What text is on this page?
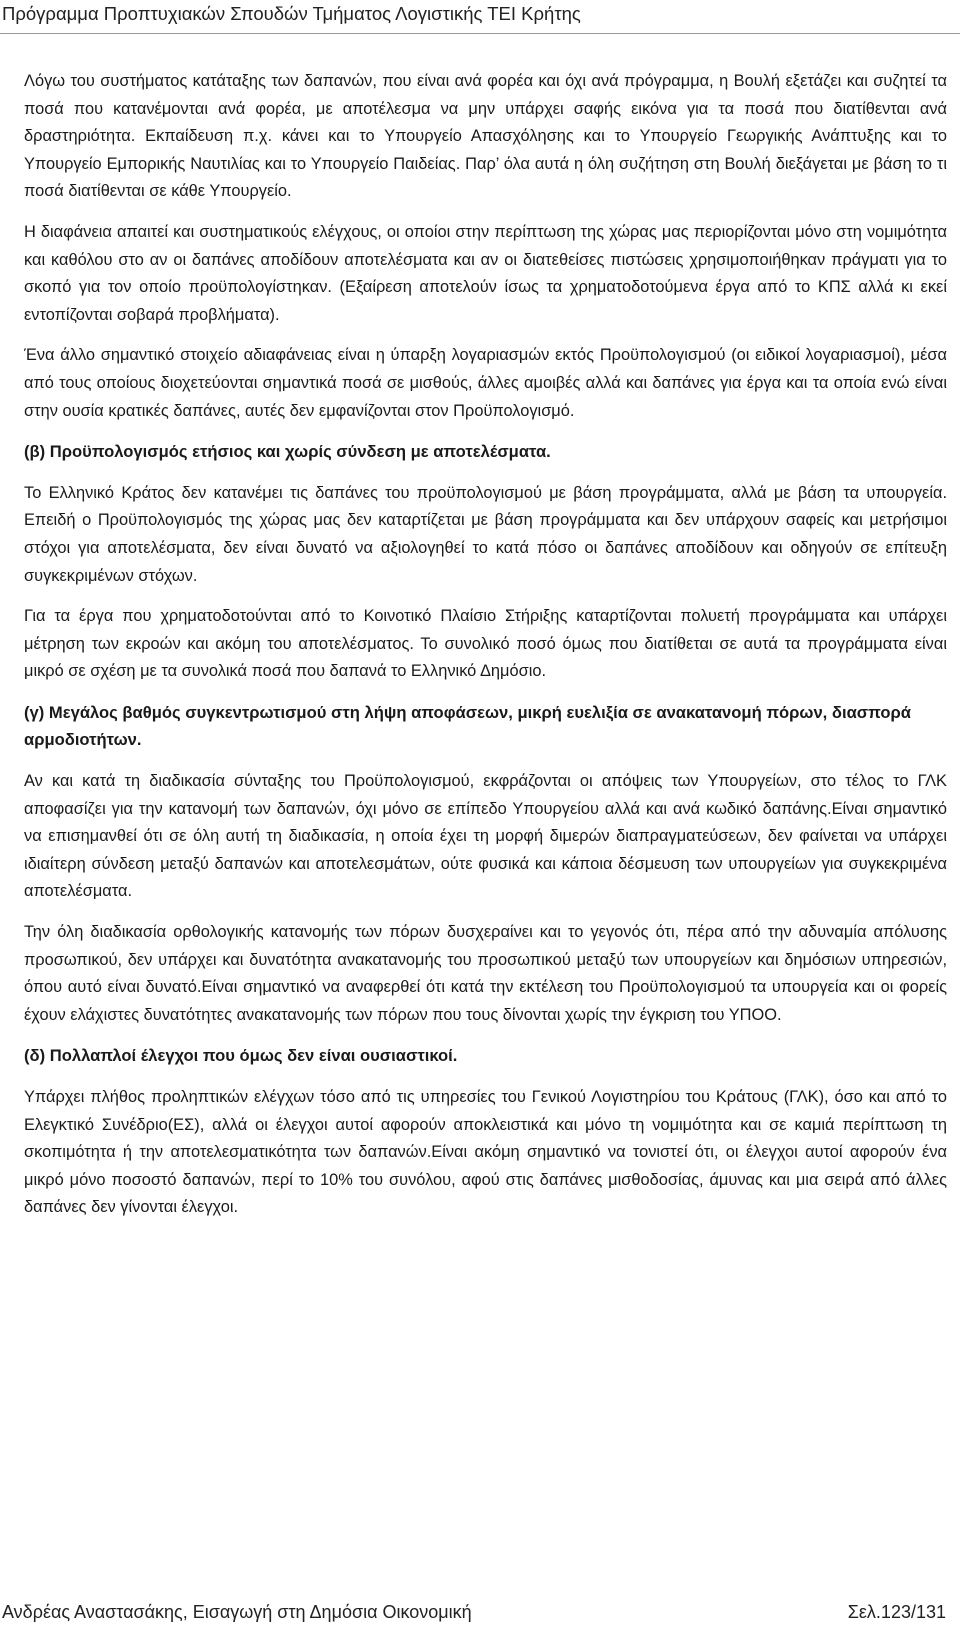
Πρόγραμμα Προπτυχιακών Σπουδών Τμήματος Λογιστικής ΤΕΙ Κρήτης

Λόγω του συστήματος κατάταξης των δαπανών, που είναι ανά φορέα και όχι ανά πρόγραμμα, η Βουλή εξετάζει και συζητεί τα ποσά που κατανέμονται ανά φορέα, με αποτέλεσμα να μην υπάρχει σαφής εικόνα για τα ποσά που διατίθενται ανά δραστηριότητα. Εκπαίδευση π.χ. κάνει και το Υπουργείο Απασχόλησης και το Υπουργείο Γεωργικής Ανάπτυξης και το Υπουργείο Εμπορικής Ναυτιλίας και το Υπουργείο Παιδείας. Παρ’ όλα αυτά η όλη συζήτηση στη Βουλή διεξάγεται με βάση το τι ποσά διατίθενται σε κάθε Υπουργείο.

Η διαφάνεια απαιτεί και συστηματικούς ελέγχους, οι οποίοι στην περίπτωση της χώρας μας περιορίζονται μόνο στη νομιμότητα και καθόλου στο αν οι δαπάνες αποδίδουν αποτελέσματα και αν οι διατεθείσες πιστώσεις χρησιμοποιήθηκαν πράγματι για το σκοπό για τον οποίο προϋπολογίστηκαν. (Εξαίρεση αποτελούν ίσως τα χρηματοδοτούμενα έργα από το ΚΠΣ αλλά κι εκεί εντοπίζονται σοβαρά προβλήματα).

Ένα άλλο σημαντικό στοιχείο αδιαφάνειας είναι η ύπαρξη λογαριασμών εκτός Προϋπολογισμού (οι ειδικοί λογαριασμοί), μέσα από τους οποίους διοχετεύονται σημαντικά ποσά σε μισθούς, άλλες αμοιβές αλλά και δαπάνες για έργα και τα οποία ενώ είναι στην ουσία κρατικές δαπάνες, αυτές δεν εμφανίζονται στον Προϋπολογισμό.

(β) Προϋπολογισμός ετήσιος και χωρίς σύνδεση με αποτελέσματα.

Το Ελληνικό Κράτος δεν κατανέμει τις δαπάνες του προϋπολογισμού με βάση προγράμματα, αλλά με βάση τα υπουργεία. Επειδή ο Προϋπολογισμός της χώρας μας δεν καταρτίζεται με βάση προγράμματα και δεν υπάρχουν σαφείς και μετρήσιμοι στόχοι για αποτελέσματα, δεν είναι δυνατό να αξιολογηθεί το κατά πόσο οι δαπάνες αποδίδουν και οδηγούν σε επίτευξη συγκεκριμένων στόχων.

Για τα έργα που χρηματοδοτούνται από το Κοινοτικό Πλαίσιο Στήριξης καταρτίζονται πολυετή προγράμματα και υπάρχει μέτρηση των εκροών και ακόμη του αποτελέσματος. Το συνολικό ποσό όμως που διατίθεται σε αυτά τα προγράμματα είναι μικρό σε σχέση με τα συνολικά ποσά που δαπανά το Ελληνικό Δημόσιο.

(γ) Μεγάλος βαθμός συγκεντρωτισμού στη λήψη αποφάσεων, μικρή ευελιξία σε ανακατανομή πόρων, διασπορά αρμοδιοτήτων.

Αν και κατά τη διαδικασία σύνταξης του Προϋπολογισμού, εκφράζονται οι απόψεις των Υπουργείων, στο τέλος το ΓΛΚ αποφασίζει για την κατανομή των δαπανών, όχι μόνο σε επίπεδο Υπουργείου αλλά και ανά κωδικό δαπάνης.Είναι σημαντικό να επισημανθεί ότι σε όλη αυτή τη διαδικασία, η οποία έχει τη μορφή διμερών διαπραγματεύσεων, δεν φαίνεται να υπάρχει ιδιαίτερη σύνδεση μεταξύ δαπανών και αποτελεσμάτων, ούτε φυσικά και κάποια δέσμευση των υπουργείων για συγκεκριμένα αποτελέσματα.

Την όλη διαδικασία ορθολογικής κατανομής των πόρων δυσχεραίνει και το γεγονός ότι, πέρα από την αδυναμία απόλυσης προσωπικού, δεν υπάρχει και δυνατότητα ανακατανομής του προσωπικού μεταξύ των υπουργείων και δημόσιων υπηρεσιών, όπου αυτό είναι δυνατό.Είναι σημαντικό να αναφερθεί ότι κατά την εκτέλεση του Προϋπολογισμού τα υπουργεία και οι φορείς έχουν ελάχιστες δυνατότητες ανακατανομής των πόρων που τους δίνονται χωρίς την έγκριση του ΥΠΟΟ.

(δ) Πολλαπλοί έλεγχοι που όμως δεν είναι ουσιαστικοί.

Υπάρχει πλήθος προληπτικών ελέγχων τόσο από τις υπηρεσίες του Γενικού Λογιστηρίου του Κράτους (ΓΛΚ), όσο και από το Ελεγκτικό Συνέδριο(ΕΣ), αλλά οι έλεγχοι αυτοί αφορούν αποκλειστικά και μόνο τη νομιμότητα και σε καμιά περίπτωση τη σκοπιμότητα ή την αποτελεσματικότητα των δαπανών.Είναι ακόμη σημαντικό να τονιστεί ότι, οι έλεγχοι αυτοί αφορούν ένα μικρό μόνο ποσοστό δαπανών, περί το 10% του συνόλου, αφού στις δαπάνες μισθοδοσίας, άμυνας και μια σειρά από άλλες δαπάνες δεν γίνονται έλεγχοι.

Ανδρέας Αναστασάκης, Εισαγωγή στη Δημόσια Οικονομική	Σελ.123/131
